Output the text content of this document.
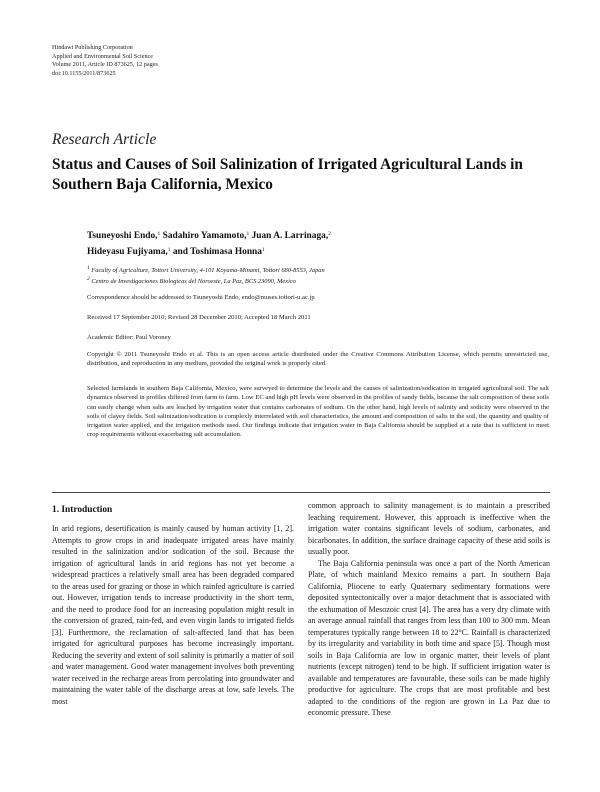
Hindawi Publishing Corporation
Applied and Environmental Soil Science
Volume 2011, Article ID 873625, 12 pages
doi:10.1155/2011/873625
Research Article
Status and Causes of Soil Salinization of Irrigated Agricultural Lands in Southern Baja California, Mexico
Tsuneyoshi Endo,$^1$ Sadahiro Yamamoto,$^1$ Juan A. Larrinaga,$^2$
Hideyasu Fujiyama,$^1$ and Toshimasa Honna$^1$
$^1$ Faculty of Agriculture, Tottori University, 4-101 Koyama-Minami, Tottori 680-8553, Japan
$^2$ Centro de Investigaciones Biologicas del Noroeste, La Paz, BCS 23090, Mexico
Correspondence should be addressed to Tsuneyoshi Endo, endo@muses.tottori-u.ac.jp
Received 17 September 2010; Revised 28 December 2010; Accepted 18 March 2011
Academic Editor: Paul Voroney
Copyright © 2011 Tsuneyoshi Endo et al. This is an open access article distributed under the Creative Commons Attribution License, which permits unrestricted use, distribution, and reproduction in any medium, provided the original work is properly cited.
Selected farmlands in southern Baja California, Mexico, were surveyed to determine the levels and the causes of salinization/sodication in irrigated agricultural soil. The salt dynamics observed in profiles differed from farm to farm. Low EC and high pH levels were observed in the profiles of sandy fields, because the salt composition of these soils can easily change when salts are leached by irrigation water that contains carbonates of sodium. On the other hand, high levels of salinity and sodicity were observed in the soils of clayey fields. Soil salinization/sodication is complexly interrelated with soil characteristics, the amount and composition of salts in the soil, the quantity and quality of irrigation water applied, and the irrigation methods used. Our findings indicate that irrigation water in Baja California should be supplied at a rate that is sufficient to meet crop requirements without exacerbating salt accumulation.
1. Introduction

In arid regions, desertification is mainly caused by human activity [1, 2]. Attempts to grow crops in arid inadequate irrigated areas have mainly resulted in the salinization and/or sodication of the soil. Because the irrigation of agricultural lands in arid regions has not yet become a widespread practices a relatively small area has been degraded compared to the areas used for grazing or those in which rainfed agriculture is carried out. However, irrigation tends to increase productivity in the short term, and the need to produce food for an increasing population might result in the conversion of grazed, rain-fed, and even virgin lands to irrigated fields [3]. Furthermore, the reclamation of salt-affected land that has been irrigated for agricultural purposes has become increasingly important. Reducing the severity and extent of soil salinity is primarily a matter of soil and water management. Good water management involves both preventing water received in the recharge areas from percolating into groundwater and maintaining the water table of the discharge areas at low, safe levels. The most

common approach to salinity management is to maintain a prescribed leaching requirement. However, this approach is ineffective when the irrigation water contains significant levels of sodium, carbonates, and bicarbonates. In addition, the surface drainage capacity of these arid soils is usually poor.

The Baja California peninsula was once a part of the North American Plate, of which mainland Mexico remains a part. In southern Baja California, Pliocene to early Quaternary sedimentary formations were deposited syntectonically over a major detachment that is associated with the exhumation of Mesozoic crust [4]. The area has a very dry climate with an average annual rainfall that ranges from less than 100 to 300 mm. Mean temperatures typically range between 18 to 22°C. Rainfall is characterized by its irregularity and variability in both time and space [5]. Though most soils in Baja California are low in organic matter, their levels of plant nutrients (except nitrogen) tend to be high. If sufficient irrigation water is available and temperatures are favourable, these soils can be made highly productive for agriculture. The crops that are most profitable and best adapted to the conditions of the region are grown in La Paz due to economic pressure. These
